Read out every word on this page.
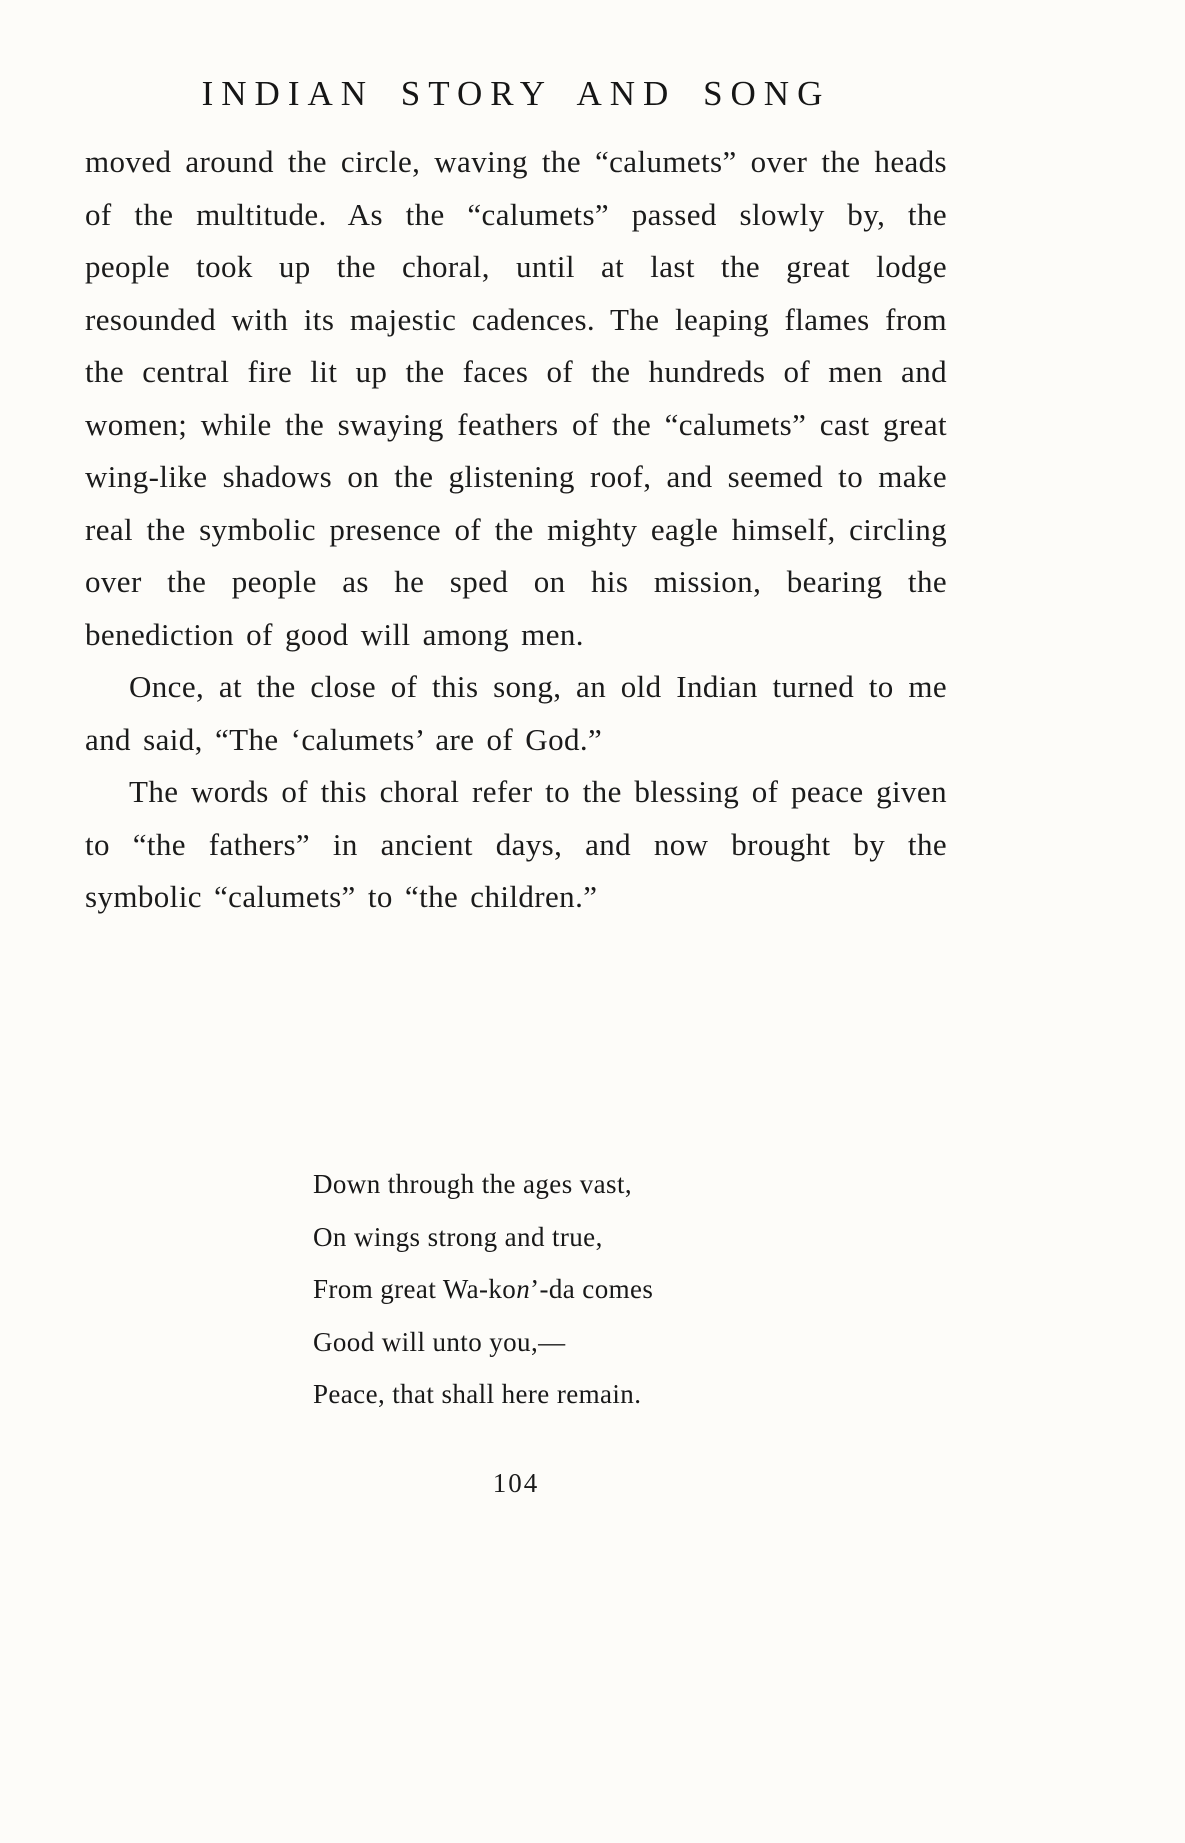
INDIAN STORY AND SONG

moved around the circle, waving the “calumets” over the heads of the multitude. As the “calumets” passed slowly by, the people took up the choral, until at last the great lodge resounded with its majestic cadences. The leaping flames from the central fire lit up the faces of the hundreds of men and women; while the swaying feathers of the “calumets” cast great wing-like shadows on the glistening roof, and seemed to make real the symbolic presence of the mighty eagle himself, circling over the people as he sped on his mission, bearing the benediction of good will among men.

Once, at the close of this song, an old Indian turned to me and said, “The ‘calumets’ are of God.”

The words of this choral refer to the blessing of peace given to “the fathers” in ancient days, and now brought by the symbolic “calumets” to “the children.”

Down through the ages vast,
On wings strong and true,
From great Wa-kon’-da comes
Good will unto you,—
Peace, that shall here remain.
104
